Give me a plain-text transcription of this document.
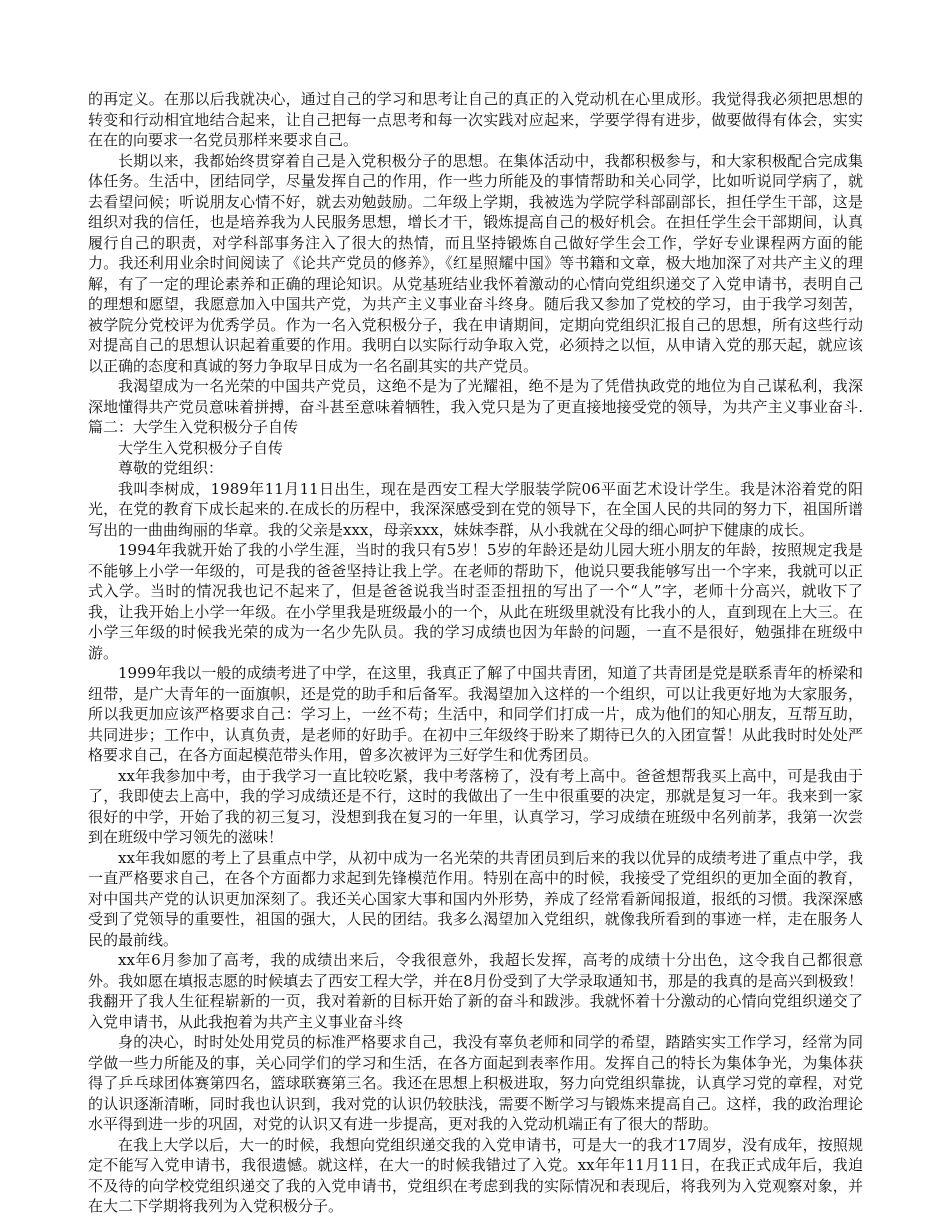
的再定义。在那以后我就决心，通过自己的学习和思考让自己的真正的入党动机在心里成形。我觉得我必须把思想的转变和行动相宜地结合起来，让自己把每一点思考和每一次实践对应起来，学要学得有进步，做要做得有体会，实实在在的向要求一名党员那样来要求自己。

长期以来，我都始终贯穿着自己是入党积极分子的思想。在集体活动中，我都积极参与，和大家积极配合完成集体任务。生活中，团结同学，尽量发挥自己的作用，作一些力所能及的事情帮助和关心同学，比如听说同学病了，就去看望问候；听说朋友心情不好，就去劝勉鼓励。二年级上学期，我被选为学院学科部副部长，担任学生干部，这是组织对我的信任，也是培养我为人民服务思想，增长才干，锻炼提高自己的极好机会。在担任学生会干部期间，认真履行自己的职责，对学科部事务注入了很大的热情，而且坚持锻炼自己做好学生会工作，学好专业课程两方面的能力。我还利用业余时间阅读了《论共产党员的修养》，《红星照耀中国》等书籍和文章，极大地加深了对共产主义的理解，有了一定的理论素养和正确的理论知识。从党基班结业我怀着激动的心情向党组织递交了入党申请书，表明自己的理想和愿望，我愿意加入中国共产党，为共产主义事业奋斗终身。随后我又参加了党校的学习，由于我学习刻苦，被学院分党校评为优秀学员。作为一名入党积极分子，我在申请期间，定期向党组织汇报自己的思想，所有这些行动对提高自己的思想认识起着重要的作用。我明白以实际行动争取入党，必须持之以恒，从申请入党的那天起，就应该以正确的态度和真诚的努力争取早日成为一名名副其实的共产党员。

我渴望成为一名光荣的中国共产党员，这绝不是为了光耀祖，绝不是为了凭借执政党的地位为自己谋私利，我深深地懂得共产党员意味着拼搏，奋斗甚至意味着牺牲，我入党只是为了更直接地接受党的领导，为共产主义事业奋斗.篇二：大学生入党积极分子自传

大学生入党积极分子自传

尊敬的党组织：

我叫李树成，1989年11月11日出生，现在是西安工程大学服装学院06平面艺术设计学生。我是沐浴着党的阳光，在党的教育下成长起来的.在成长的历程中，我深深感受到在党的领导下，在全国人民的共同的努力下，祖国所谱写出的一曲曲绚丽的华章。我的父亲是xxx，母亲xxx，妹妹李群，从小我就在父母的细心呵护下健康的成长。

1994年我就开始了我的小学生涯，当时的我只有5岁！5岁的年龄还是幼儿园大班小朋友的年龄，按照规定我是不能够上小学一年级的，可是我的爸爸坚持让我上学。在老师的帮助下，他说只要我能够写出一个字来，我就可以正式入学。当时的情况我也记不起来了，但是爸爸说我当时歪歪扭扭的写出了一个“人”字，老师十分高兴，就收下了我，让我开始上小学一年级。在小学里我是班级最小的一个，从此在班级里就没有比我小的人，直到现在上大三。在小学三年级的时候我光荣的成为一名少先队员。我的学习成绩也因为年龄的问题，一直不是很好，勉强排在班级中游。

1999年我以一般的成绩考进了中学，在这里，我真正了解了中国共青团，知道了共青团是党是联系青年的桥梁和纽带，是广大青年的一面旗帜，还是党的助手和后备军。我渴望加入这样的一个组织，可以让我更好地为大家服务，所以我更加应该严格要求自己：学习上，一丝不苟；生活中，和同学们打成一片，成为他们的知心朋友，互帮互助，共同进步；工作中，认真负责，是老师的好助手。在初中三年级终于盼来了期待已久的入团宣誓！从此我时时处处严格要求自己，在各方面起模范带头作用，曾多次被评为三好学生和优秀团员。

xx年我参加中考，由于我学习一直比较吃紧，我中考落榜了，没有考上高中。爸爸想帮我买上高中，可是我由于了，我即使去上高中，我的学习成绩还是不行，这时的我做出了一生中很重要的决定，那就是复习一年。我来到一家很好的中学，开始了我的初三复习，没想到我在复习的一年里，认真学习，学习成绩在班级中名列前茅，我第一次尝到在班级中学习领先的滋味！

xx年我如愿的考上了县重点中学，从初中成为一名光荣的共青团员到后来的我以优异的成绩考进了重点中学，我一直严格要求自己，在各个方面都力求起到先锋模范作用。特别在高中的时候，我接受了党组织的更加全面的教育，对中国共产党的认识更加深刻了。我还关心国家大事和国内外形势，养成了经常看新闻报道，报纸的习惯。我深深感受到了党领导的重要性，祖国的强大，人民的团结。我多么渴望加入党组织，就像我所看到的事迹一样，走在服务人民的最前线。

xx年6月参加了高考，我的成绩出来后，令我很意外，我超长发挥，高考的成绩十分出色，这令我自己都很意外。我如愿在填报志愿的时候填去了西安工程大学，并在8月份受到了大学录取通知书，那是的我真的是高兴到极致！我翻开了我人生征程崭新的一页，我对着新的目标开始了新的奋斗和跋涉。我就怀着十分激动的心情向党组织递交了入党申请书，从此我抱着为共产主义事业奋斗终

身的决心，时时处处用党员的标准严格要求自己，我没有辜负老师和同学的希望，踏踏实实工作学习，经常为同学做一些力所能及的事，关心同学们的学习和生活，在各方面起到表率作用。发挥自己的特长为集体争光，为集体获得了乒乓球团体赛第四名，篮球联赛第三名。我还在思想上积极进取，努力向党组织靠拢，认真学习党的章程，对党的认识逐渐清晰，同时我也认识到，我对党的认识仍较肤浅，需要不断学习与锻炼来提高自己。这样，我的政治理论水平得到进一步的巩固，对党的认识又有进一步提高，更对我的入党动机端正有了很大的帮助。

在我上大学以后，大一的时候，我想向党组织递交我的入党申请书，可是大一的我才17周岁，没有成年，按照规定不能写入党申请书，我很遗憾。就这样，在大一的时候我错过了入党。xx年年11月11日，在我正式成年后，我迫不及待的向学校党组织递交了我的入党申请书，党组织在考虑到我的实际情况和表现后，将我列为入党观察对象，并在大二下学期将我列为入党积极分子。
